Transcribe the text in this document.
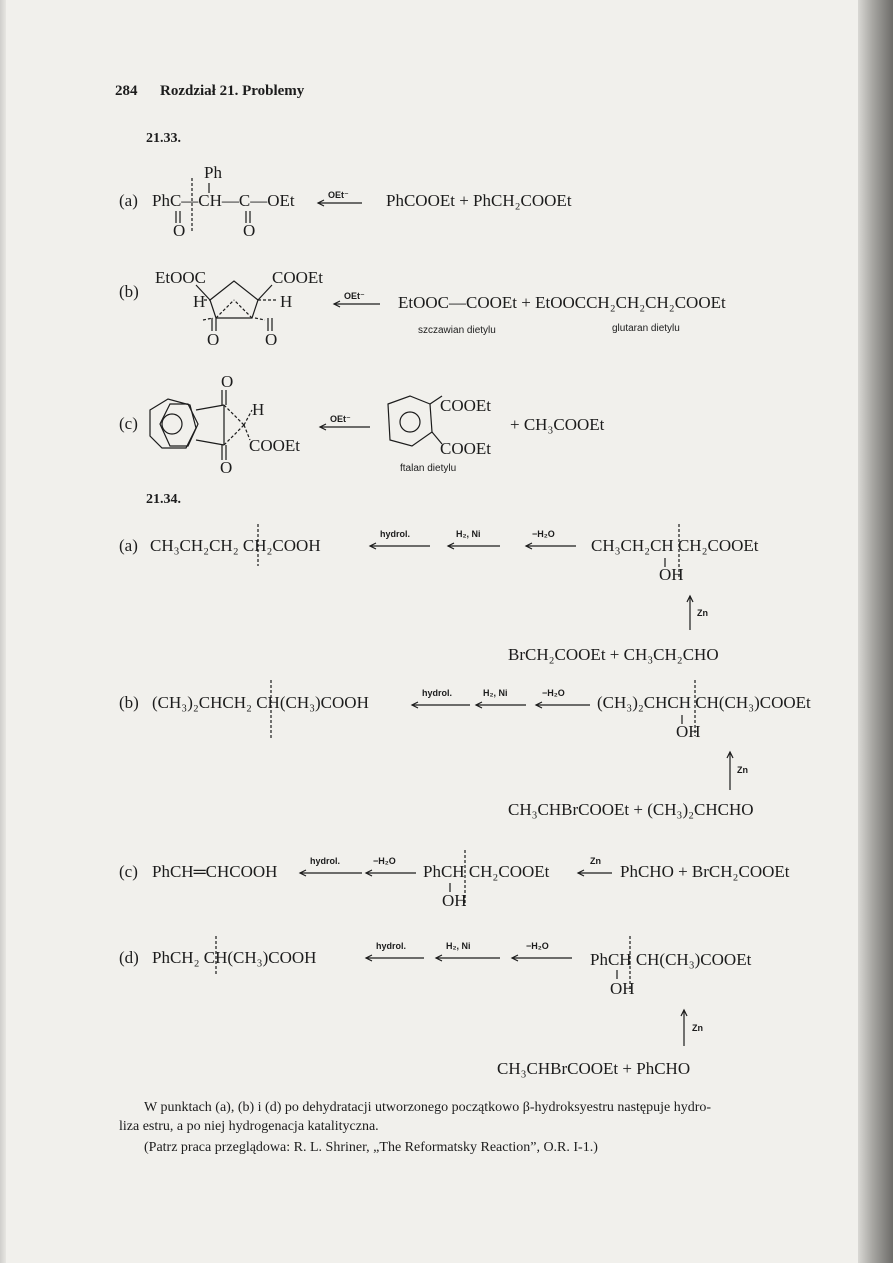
284 Rozdział 21. Problemy
21.33.
(a)
Ph
PhC—CH—C—OEt
O	O
OEt⁻ PhCOOEt + PhCH₂COOEt
(b)
EtOOC	COOEt
H	H
O	O
OEt⁻ EtOOC—COOEt + EtOOCCH₂CH₂CH₂COOEt
szczawian dietylu	glutaran dietylu
(c)
O
H
COOEt
O
OEt⁻
COOEt
COOEt
+ CH₃COOEt
ftalan dietylu
21.34.
(a) CH₃CH₂CH₂ CH₂COOH
hydrol.	H₂, Ni	−H₂O
CH₃CH₂CH CH₂COOEt
OH
Zn
BrCH₂COOEt + CH₃CH₂CHO
(b) (CH₃)₂CHCH₂ CH(CH₃)COOH	hydrol.	H₂, Ni	−H₂O (CH₃)₂CHCH CH(CH₃)COOEt
OH
Zn
CH₃CHBrCOOEt + (CH₃)₂CHCHO
(c) PhCH═CHCOOH
hydrol.	−H₂O
PhCH CH₂COOEt
Zn
PhCHO + BrCH₂COOEt
OH
(d) PhCH₂ CH(CH₃)COOH
hydrol.	H₂, Ni	−H₂O
PhCH CH(CH₃)COOEt
OH
Zn
CH₃CHBrCOOEt + PhCHO
W punktach (a), (b) i (d) po dehydratacji utworzonego początkowo β-hydroksyestru następuje hydro-
liza estru, a po niej hydrogenacja katalityczna.
(Patrz praca przeglądowa: R. L. Shriner, „The Reformatsky Reaction”, O.R. I-1.)
